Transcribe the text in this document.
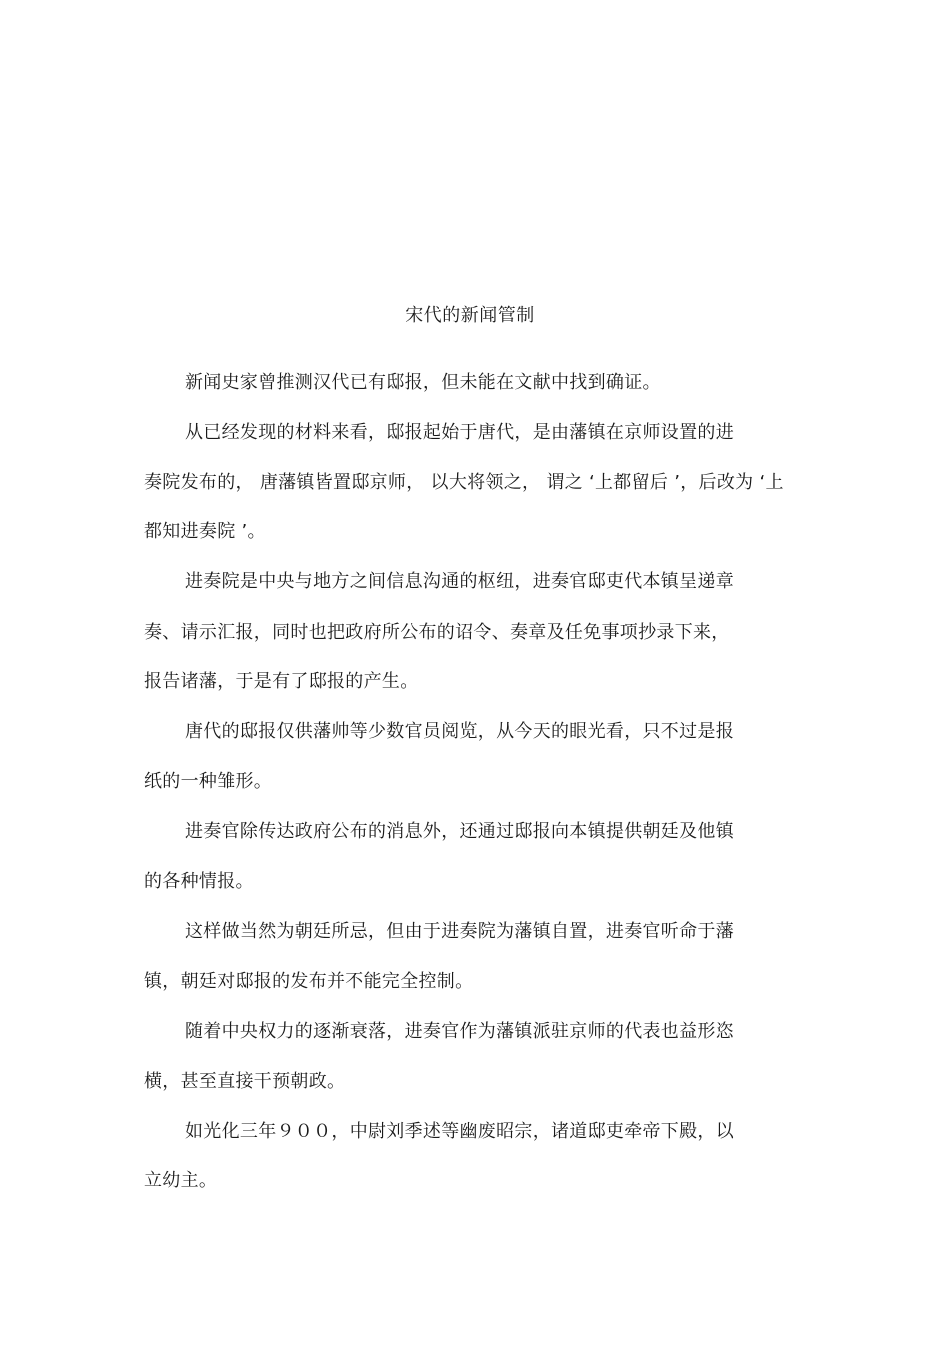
宋代的新闻管制
新闻史家曾推测汉代已有邸报，但未能在文献中找到确证。
从已经发现的材料来看，邸报起始于唐代，是由藩镇在京师设置的进
奏院发布的， 唐藩镇皆置邸京师， 以大将领之， 谓之 ‘上都留后 ’，后改为 ‘上
都知进奏院 ’。
进奏院是中央与地方之间信息沟通的枢纽，进奏官邸吏代本镇呈递章
奏、请示汇报，同时也把政府所公布的诏令、奏章及任免事项抄录下来，
报告诸藩，于是有了邸报的产生。
唐代的邸报仅供藩帅等少数官员阅览，从今天的眼光看，只不过是报
纸的一种雏形。
进奏官除传达政府公布的消息外，还通过邸报向本镇提供朝廷及他镇
的各种情报。
这样做当然为朝廷所忌，但由于进奏院为藩镇自置，进奏官听命于藩
镇，朝廷对邸报的发布并不能完全控制。
随着中央权力的逐渐衰落，进奏官作为藩镇派驻京师的代表也益形恣
横，甚至直接干预朝政。
如光化三年９００，中尉刘季述等幽废昭宗，诸道邸吏牵帝下殿，以
立幼主。
